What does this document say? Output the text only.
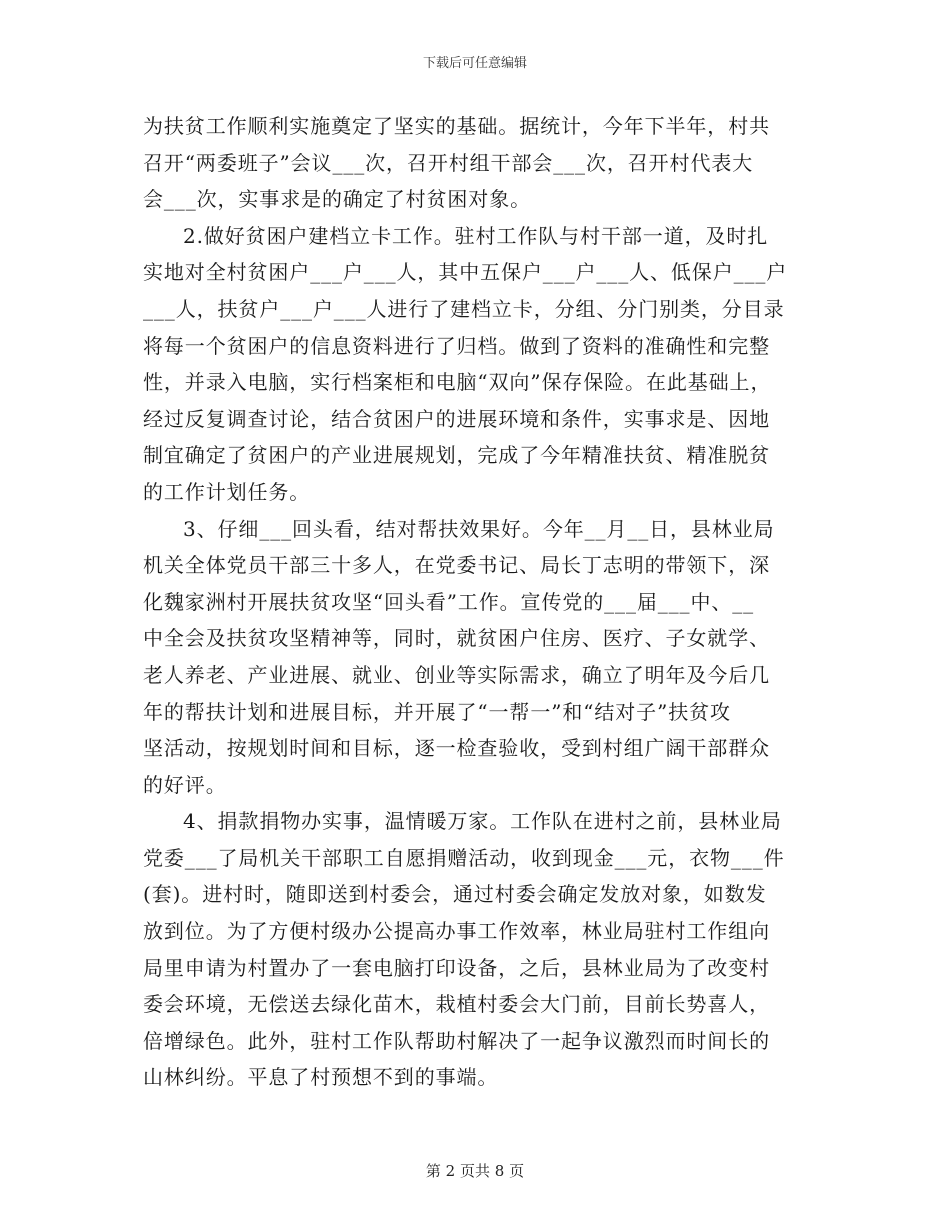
下载后可任意编辑
为扶贫工作顺利实施奠定了坚实的基础。据统计，今年下半年，村共
召开“两委班子”会议___次，召开村组干部会___次，召开村代表大
会___次，实事求是的确定了村贫困对象。
2.做好贫困户建档立卡工作。驻村工作队与村干部一道，及时扎
实地对全村贫困户___户___人，其中五保户___户___人、低保户___户
___人，扶贫户___户___人进行了建档立卡，分组、分门别类，分目录
将每一个贫困户的信息资料进行了归档。做到了资料的准确性和完整
性，并录入电脑，实行档案柜和电脑“双向”保存保险。在此基础上，
经过反复调查讨论，结合贫困户的进展环境和条件，实事求是、因地
制宜确定了贫困户的产业进展规划，完成了今年精准扶贫、精准脱贫
的工作计划任务。
3、仔细___回头看，结对帮扶效果好。今年__月__日，县林业局
机关全体党员干部三十多人，在党委书记、局长丁志明的带领下，深
化魏家洲村开展扶贫攻坚“回头看”工作。宣传党的___届___中、__
中全会及扶贫攻坚精神等，同时，就贫困户住房、医疗、子女就学、
老人养老、产业进展、就业、创业等实际需求，确立了明年及今后几
年的帮扶计划和进展目标，并开展了“一帮一”和“结对子”扶贫攻
坚活动，按规划时间和目标，逐一检查验收，受到村组广阔干部群众
的好评。
4、捐款捐物办实事，温情暖万家。工作队在进村之前，县林业局
党委___了局机关干部职工自愿捐赠活动，收到现金___元，衣物___件
(套)。进村时，随即送到村委会，通过村委会确定发放对象，如数发
放到位。为了方便村级办公提高办事工作效率，林业局驻村工作组向
局里申请为村置办了一套电脑打印设备，之后，县林业局为了改变村
委会环境，无偿送去绿化苗木，栽植村委会大门前，目前长势喜人，
倍增绿色。此外，驻村工作队帮助村解决了一起争议激烈而时间长的
山林纠纷。平息了村预想不到的事端。
第 2 页共 8 页
